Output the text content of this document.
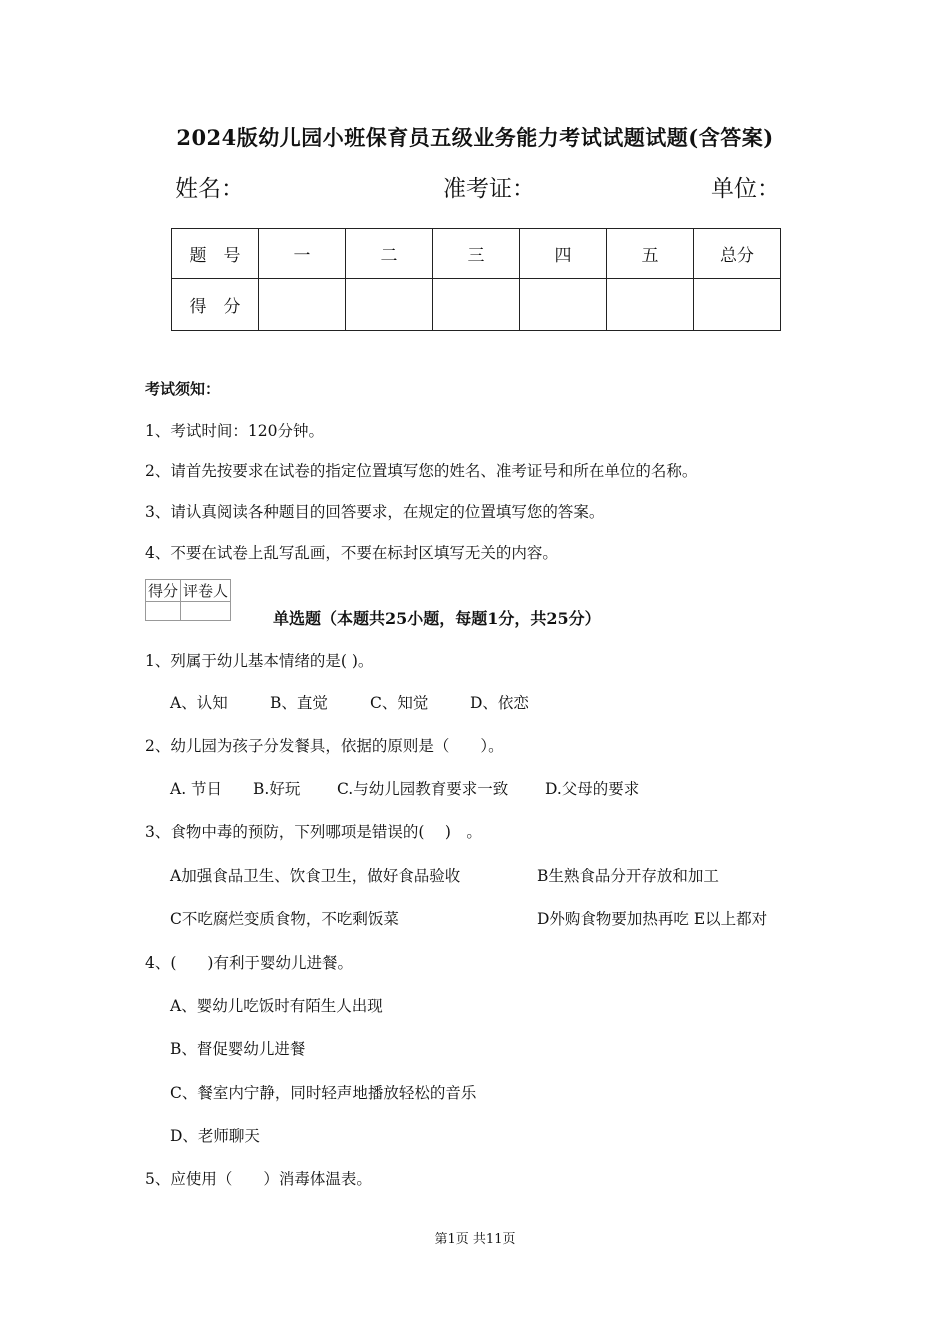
2024版幼儿园小班保育员五级业务能力考试试题试题(含答案)
姓名：	准考证：	单位：
题　号	一	二	三	四	五	总分
得　分						
考试须知：
1、考试时间：120分钟。
2、请首先按要求在试卷的指定位置填写您的姓名、准考证号和所在单位的名称。
3、请认真阅读各种题目的回答要求，在规定的位置填写您的答案。
4、不要在试卷上乱写乱画，不要在标封区填写无关的内容。
得分	评卷人

单选题（本题共25小题，每题1分，共25分）
1、列属于幼儿基本情绪的是( )。
A、认知	B、直觉	C、知觉	D、依恋
2、幼儿园为孩子分发餐具，依据的原则是（　　）。
A. 节日 B.好玩 C.与幼儿园教育要求一致 D.父母的要求
3、食物中毒的预防，下列哪项是错误的(　 )　。
A加强食品卫生、饮食卫生，做好食品验收	B生熟食品分开存放和加工
C不吃腐烂变质食物，不吃剩饭菜	D外购食物要加热再吃 E以上都对
4、(　　)有利于婴幼儿进餐。
A、婴幼儿吃饭时有陌生人出现
B、督促婴幼儿进餐
C、餐室内宁静，同时轻声地播放轻松的音乐
D、老师聊天
5、应使用（　　）消毒体温表。
第1页 共11页
